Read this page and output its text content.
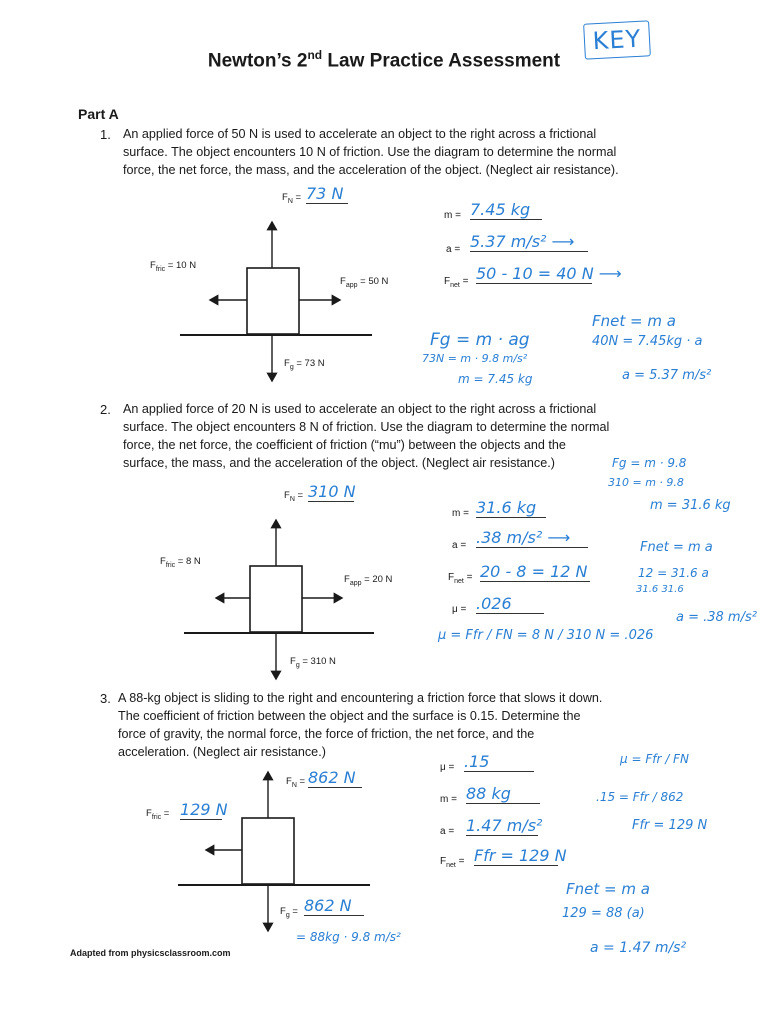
Newton’s 2nd Law Practice Assessment
KEY
Part A
1. An applied force of 50 N is used to accelerate an object to the right across a frictional
surface. The object encounters 10 N of friction. Use the diagram to determine the normal
force, the net force, the mass, and the acceleration of the object. (Neglect air resistance).
2. An applied force of 20 N is used to accelerate an object to the right across a frictional
surface. The object encounters 8 N of friction. Use the diagram to determine the normal
force, the net force, the coefficient of friction (“mu”) between the objects and the
surface, the mass, and the acceleration of the object. (Neglect air resistance.)
3. A 88-kg object is sliding to the right and encountering a friction force that slows it down.
The coefficient of friction between the object and the surface is 0.15. Determine the
force of gravity, the normal force, the force of friction, the net force, and the
acceleration. (Neglect air resistance.)
$F_N = 73$ N
$F_{fric} = 10$ N
$F_{app} = 50$ N
$F_g = 73$ N
m = 7.45 kg
a = 5.37 m/s² ⟶
$F_{net} = 50 - 10 = 40$ N ⟶
Fg = m · ag
73N = m · 9.8 m/s²
m = 7.45 kg
Fnet = m a
40N = 7.45kg · a
a = 5.37 m/s²
$F_N = 310$ N
$F_{fric} = 8$ N
$F_{app} = 20$ N
$F_g = 310$ N
m = 31.6 kg
a = .38 m/s² ⟶
$F_{net} = 20 - 8 = 12$ N
μ = .026
Fg = m · 9.8
310 = m · 9.8
m = 31.6 kg
Fnet = m a
12 = 31.6 a
31.6 31.6
a = .38 m/s²
μ = Ffr / FN = 8 N / 310 N = .026
$F_N = 862$ N
$F_{fric} = 129$ N
$F_g = 862$ N
= 88kg · 9.8 m/s²
μ = .15
m = 88 kg
a = 1.47 m/s²
$F_{net}$ = Ffr = 129 N
μ = Ffr / FN
.15 = Ffr / 862
Ffr = 129 N
Fnet = m a
129 = 88 (a)
a = 1.47 m/s²
Adapted from physicsclassroom.com
